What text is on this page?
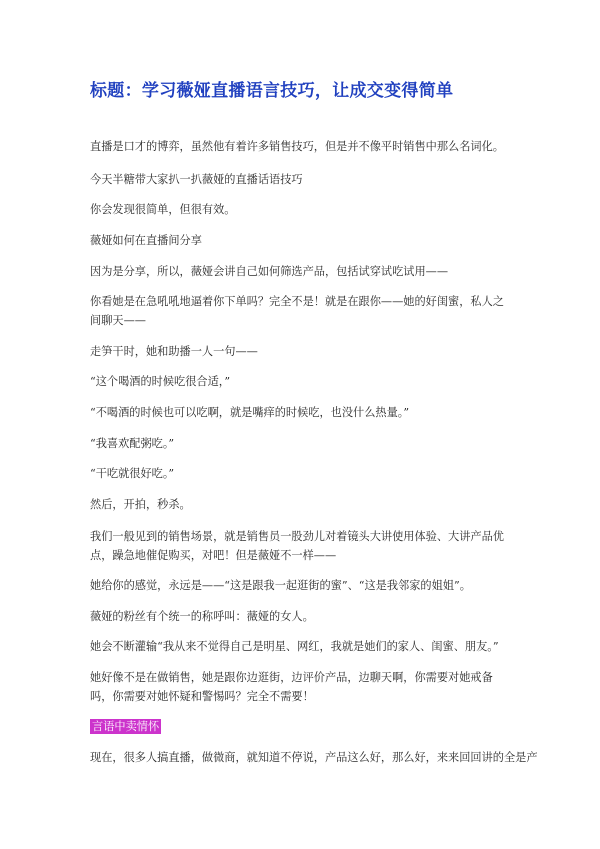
标题：学习薇娅直播语言技巧，让成交变得简单
直播是口才的博弈，虽然他有着许多销售技巧，但是并不像平时销售中那么名词化。
今天半糖带大家扒一扒薇娅的直播话语技巧
你会发现很简单，但很有效。
薇娅如何在直播间分享
因为是分享，所以，薇娅会讲自己如何筛选产品，包括试穿试吃试用——
你看她是在急吼吼地逼着你下单吗？完全不是！就是在跟你——她的好闺蜜，私人之间聊天——
走笋干时，她和助播一人一句——
“这个喝酒的时候吃很合适，”
“不喝酒的时候也可以吃啊，就是嘴痒的时候吃，也没什么热量。”
“我喜欢配粥吃。”
“干吃就很好吃。”
然后，开拍，秒杀。
我们一般见到的销售场景，就是销售员一股劲儿对着镜头大讲使用体验、大讲产品优点，躁急地催促购买，对吧！但是薇娅不一样——
她给你的感觉，永远是——“这是跟我一起逛街的蜜”、“这是我邻家的姐姐”。
薇娅的粉丝有个统一的称呼叫：薇娅的女人。
她会不断灌输“我从来不觉得自己是明星、网红，我就是她们的家人、闺蜜、朋友。”
她好像不是在做销售，她是跟你边逛街，边评价产品，边聊天啊，你需要对她戒备吗，你需要对她怀疑和警惕吗？完全不需要！
言语中卖情怀
现在，很多人搞直播，做微商，就知道不停说，产品这么好，那么好，来来回回讲的全是产
